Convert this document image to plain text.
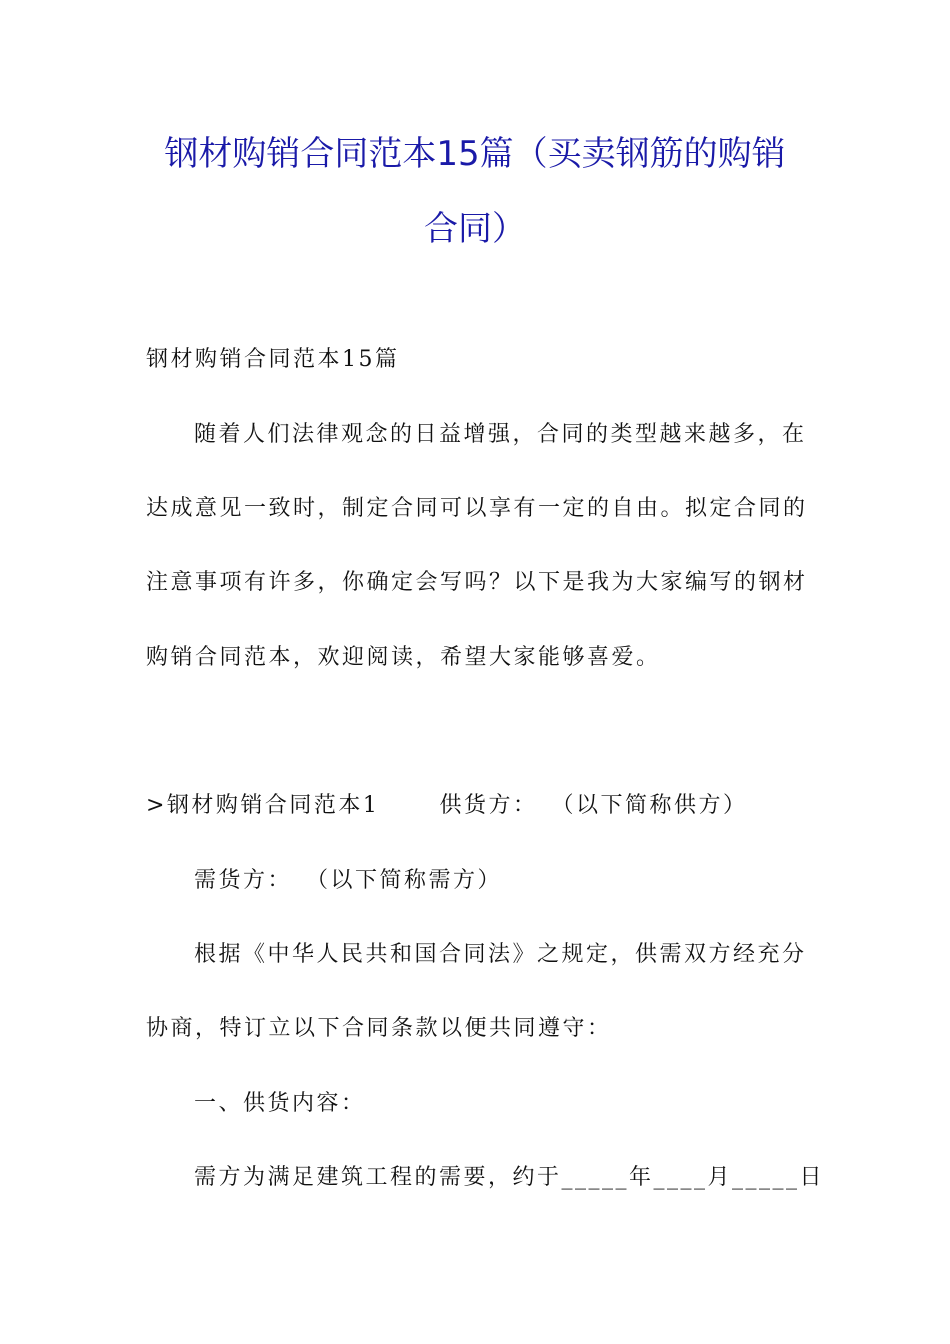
钢材购销合同范本15篇（买卖钢筋的购销
合同）
钢材购销合同范本15篇
随着人们法律观念的日益增强，合同的类型越来越多，在
达成意见一致时，制定合同可以享有一定的自由。拟定合同的
注意事项有许多，你确定会写吗？以下是我为大家编写的钢材
购销合同范本，欢迎阅读，希望大家能够喜爱。
>钢材购销合同范本1	供货方： （以下简称供方）
需货方： （以下简称需方）
根据《中华人民共和国合同法》之规定，供需双方经充分
协商，特订立以下合同条款以便共同遵守：
一、供货内容：
需方为满足建筑工程的需要，约于_____年____月_____日
